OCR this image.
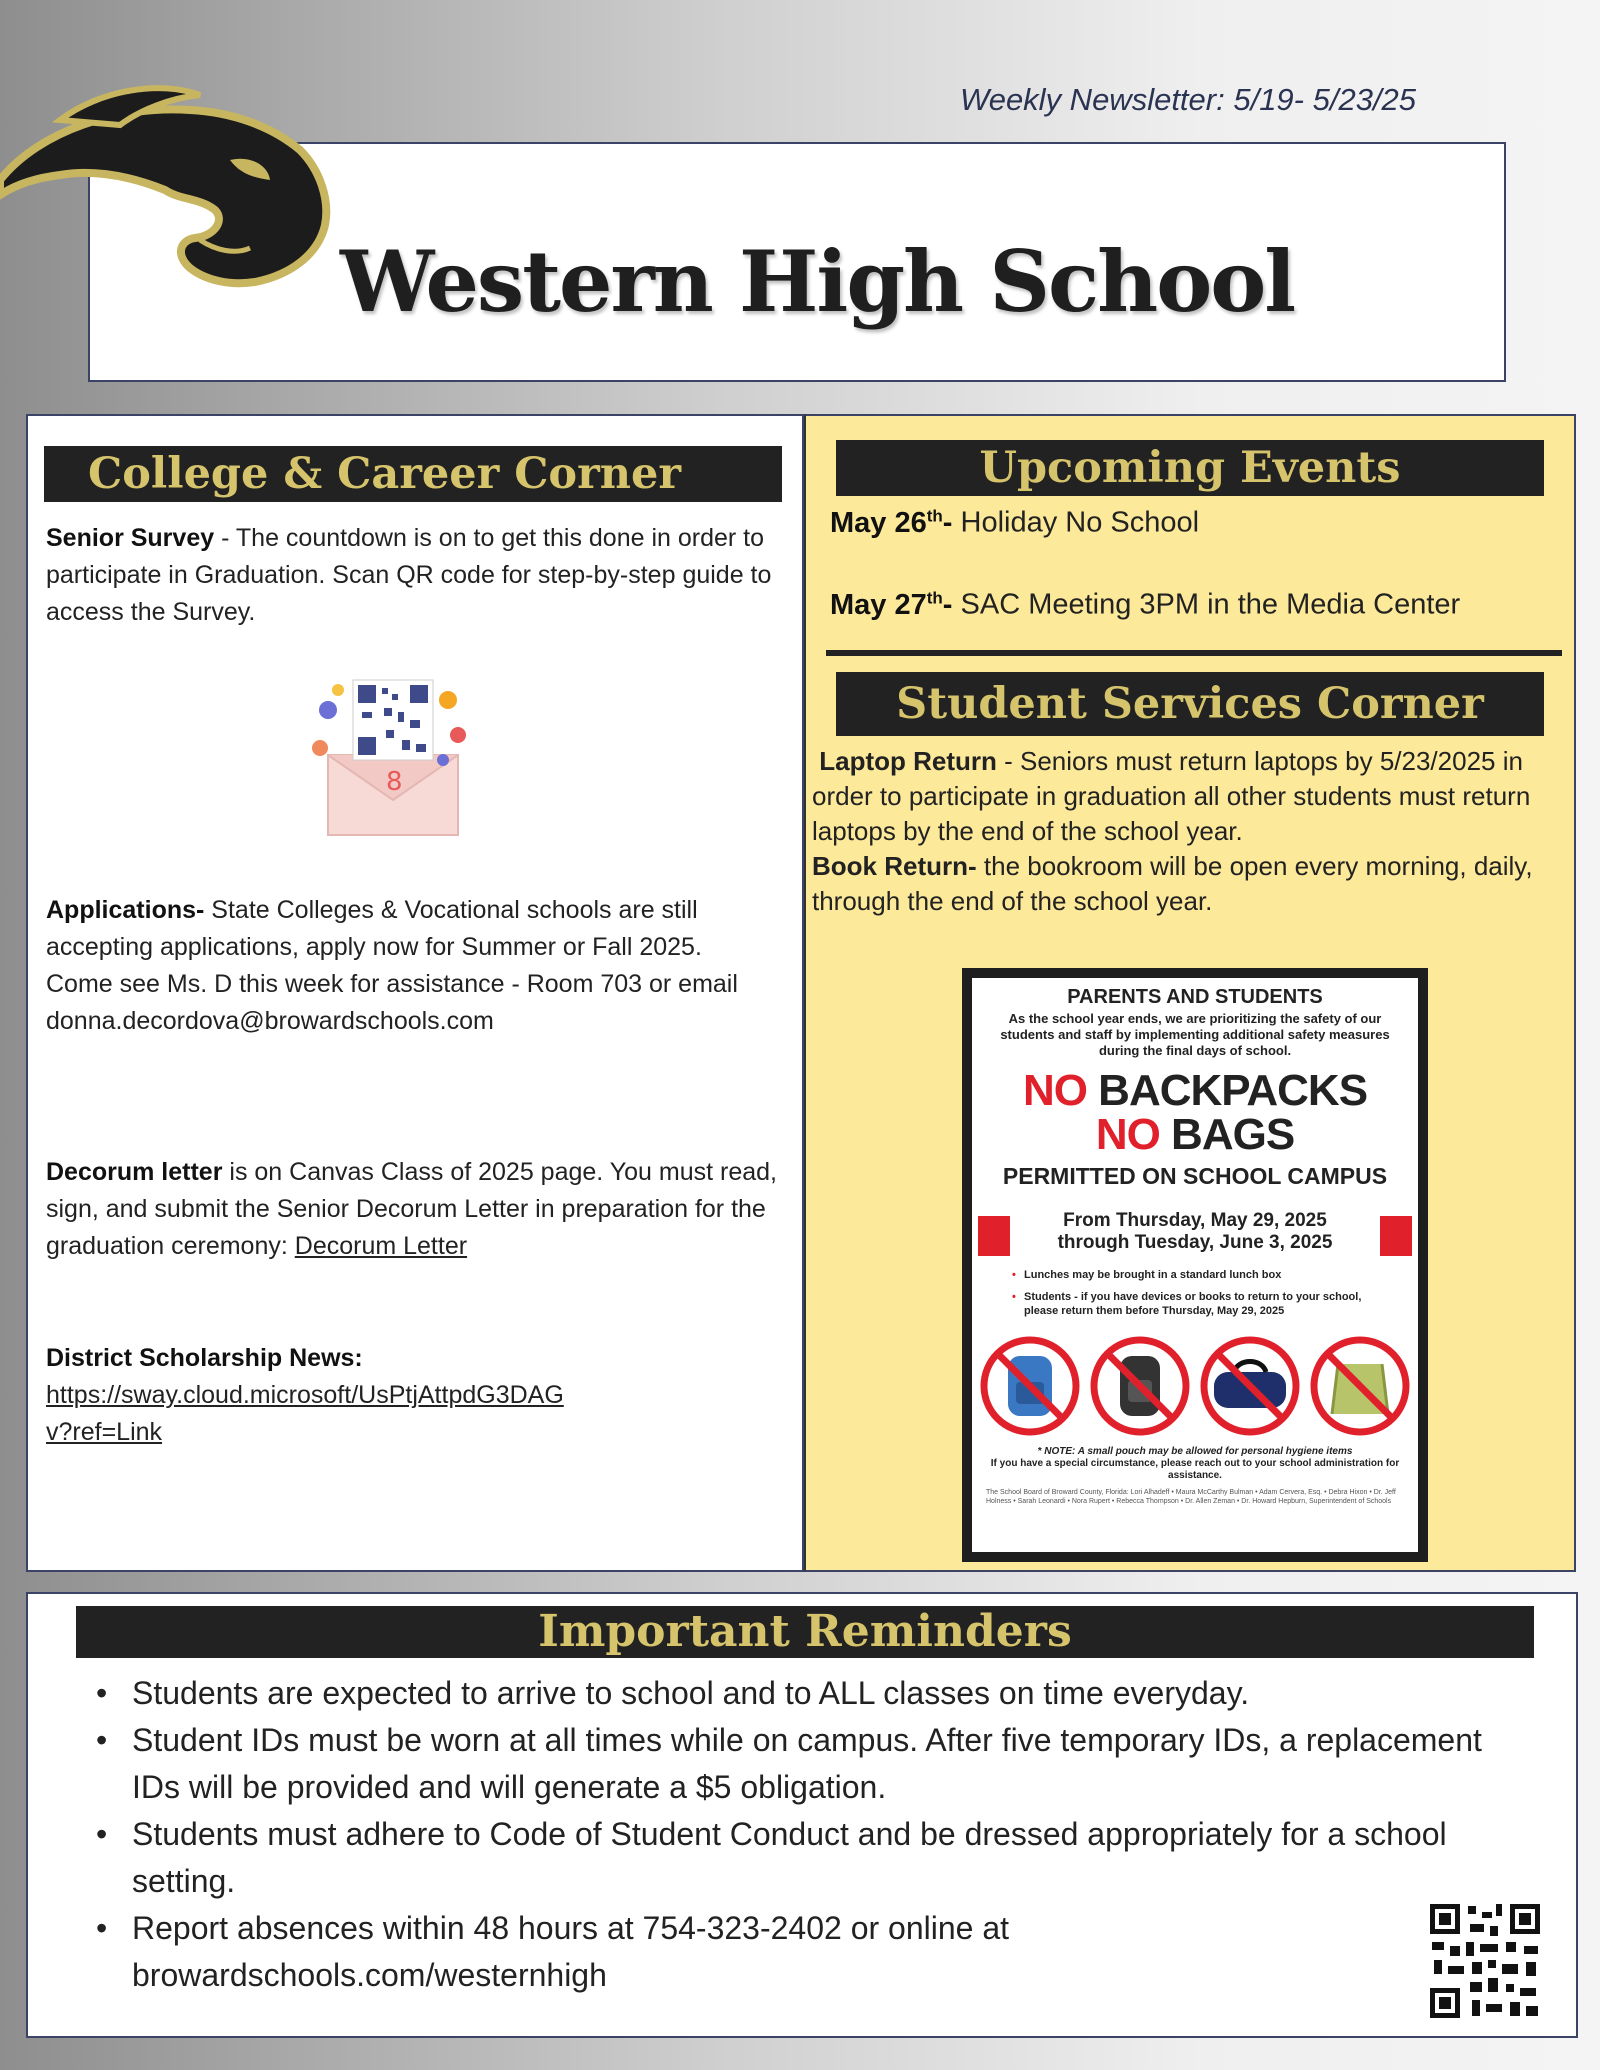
Weekly Newsletter: 5/19- 5/23/25
Western High School
College & Career Corner
Senior Survey - The countdown is on to get this done in order to participate in Graduation. Scan QR code for step-by-step guide to access the Survey.
8
Applications- State Colleges & Vocational schools are still accepting applications, apply now for Summer or Fall 2025.
Come see Ms. D this week for assistance - Room 703 or email donna.decordova@browardschools.com
Decorum letter is on Canvas Class of 2025 page. You must read, sign, and submit the Senior Decorum Letter in preparation for the graduation ceremony: Decorum Letter
District Scholarship News:
https://sway.cloud.microsoft/UsPtjAttpdG3DAGv?ref=Link
Upcoming Events
May 26th- Holiday No School
May 27th- SAC Meeting 3PM in the Media Center
Student Services Corner
Laptop Return - Seniors must return laptops by 5/23/2025 in order to participate in graduation all other students must return laptops by the end of the school year.
Book Return- the bookroom will be open every morning, daily, through the end of the school year.
PARENTS AND STUDENTS
As the school year ends, we are prioritizing the safety of our students and staff by implementing additional safety measures during the final days of school.
NO BACKPACKS
NO BAGS
PERMITTED ON SCHOOL CAMPUS
From Thursday, May 29, 2025
through Tuesday, June 3, 2025
• Lunches may be brought in a standard lunch box
• Students - if you have devices or books to return to your school, please return them before Thursday, May 29, 2025
* NOTE: A small pouch may be allowed for personal hygiene items
If you have a special circumstance, please reach out to your school administration for assistance.
The School Board of Broward County, Florida: Lori Alhadeff • Maura McCarthy Bulman • Adam Cervera, Esq. • Debra Hixon • Dr. Jeff Holness • Sarah Leonardi • Nora Rupert • Rebecca Thompson • Dr. Allen Zeman • Dr. Howard Hepburn, Superintendent of Schools
Important Reminders
• Students are expected to arrive to school and to ALL classes on time everyday.
• Student IDs must be worn at all times while on campus. After five temporary IDs, a replacement IDs will be provided and will generate a $5 obligation.
• Students must adhere to Code of Student Conduct and be dressed appropriately for a school setting.
• Report absences within 48 hours at 754-323-2402 or online at browardschools.com/westernhigh
